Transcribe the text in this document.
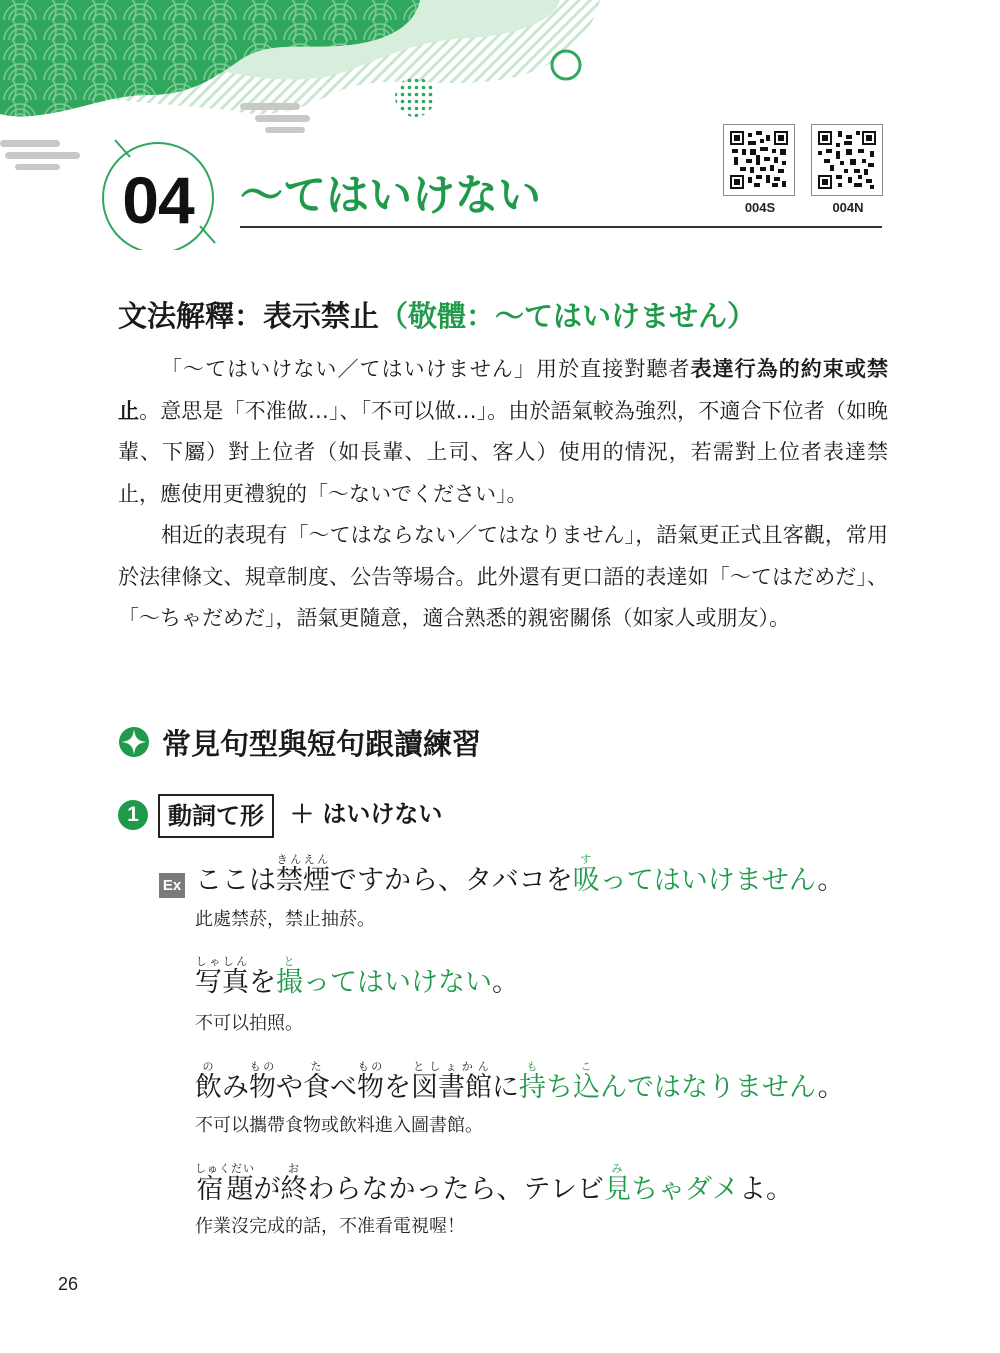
04	～てはいけない	004S	004N
文法解釋：表示禁止（敬體：～てはいけません）
「～てはいけない／てはいけません」用於直接對聽者表達行為的約束或禁止。意思是「不准做…」、「不可以做…」。由於語氣較為強烈，不適合下位者（如晚輩、下屬）對上位者（如長輩、上司、客人）使用的情況，若需對上位者表達禁止，應使用更禮貌的「～ないでください」。
相近的表現有「～てはならない／てはなりません」，語氣更正式且客觀，常用於法律條文、規章制度、公告等場合。此外還有更口語的表達如「～てはだめだ」、「～ちゃだめだ」，語氣更隨意，適合熟悉的親密關係（如家人或朋友）。
常見句型與短句跟讀練習
1	動詞て形	＋ はいけない
Ex ここは禁煙きんえんですから、タバコを吸すってはいけません。
此處禁菸，禁止抽菸。
写真しゃしんを撮とってはいけない。
不可以拍照。
飲のみ物ものや食たべ物ものを図書館としょかんに持もち込こんではなりません。
不可以攜帶食物或飲料進入圖書館。
宿題しゅくだいが終おわらなかったら、テレビ見みちゃダメよ。
作業沒完成的話，不准看電視喔！
26
